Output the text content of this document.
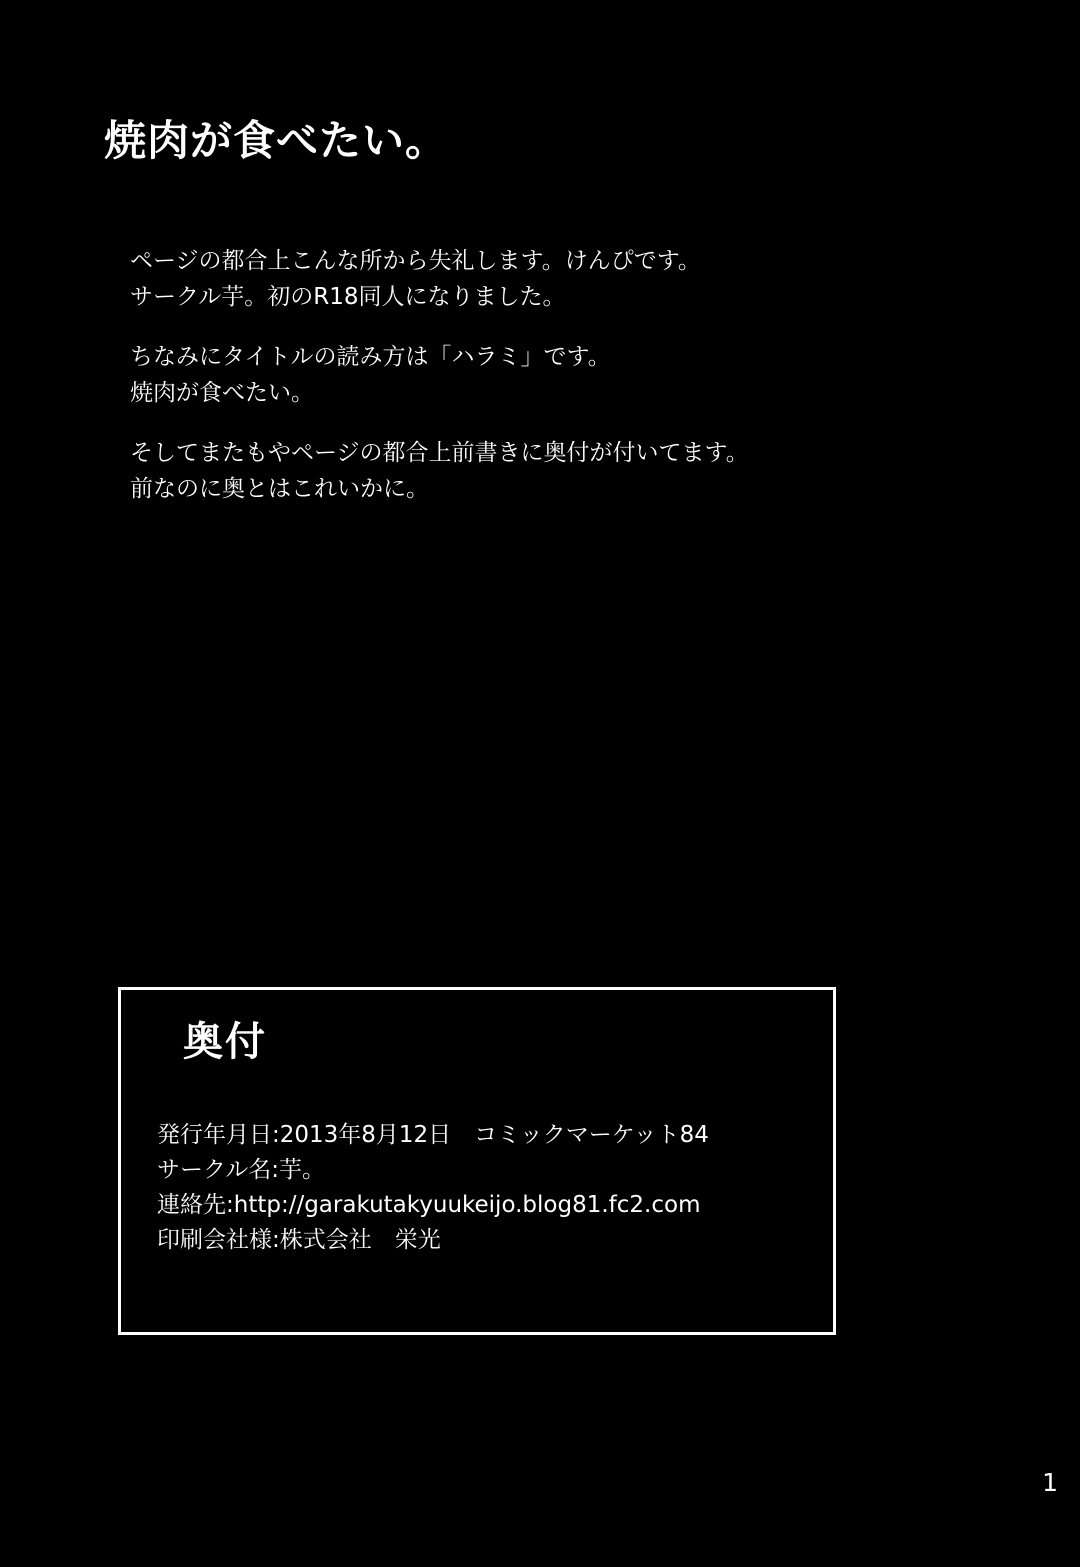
焼肉が食べたい。
ページの都合上こんな所から失礼します。けんぴです。
サークル芋。初のR18同人になりました。
ちなみにタイトルの読み方は「ハラミ」です。
焼肉が食べたい。
そしてまたもやページの都合上前書きに奥付が付いてます。
前なのに奥とはこれいかに。
奥付
発行年月日:2013年8月12日　コミックマーケット84
サークル名:芋。
連絡先:http://garakutakyuukeijo.blog81.fc2.com
印刷会社様:株式会社　栄光
1
